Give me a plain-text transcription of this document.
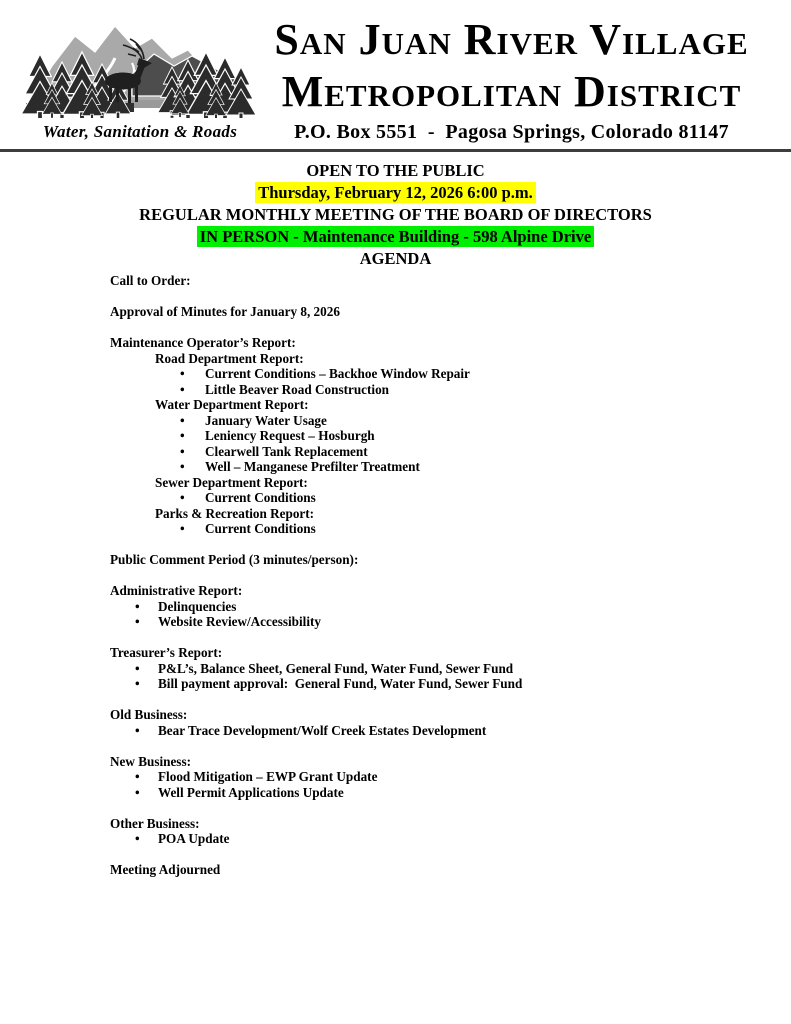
Water, Sanitation & Roads
San Juan River Village
Metropolitan District
P.O. Box 5551  -  Pagosa Springs, Colorado 81147
OPEN TO THE PUBLIC
Thursday, February 12, 2026 6:00 p.m.
REGULAR MONTHLY MEETING OF THE BOARD OF DIRECTORS
IN PERSON - Maintenance Building - 598 Alpine Drive
AGENDA
Call to Order:
Approval of Minutes for January 8, 2026
Maintenance Operator’s Report:
Road Department Report:
• Current Conditions – Backhoe Window Repair
• Little Beaver Road Construction
Water Department Report:
• January Water Usage
• Leniency Request – Hosburgh
• Clearwell Tank Replacement
• Well – Manganese Prefilter Treatment
Sewer Department Report:
• Current Conditions
Parks & Recreation Report:
• Current Conditions
Public Comment Period (3 minutes/person):
Administrative Report:
• Delinquencies
• Website Review/Accessibility
Treasurer’s Report:
• P&L’s, Balance Sheet, General Fund, Water Fund, Sewer Fund
• Bill payment approval:  General Fund, Water Fund, Sewer Fund
Old Business:
• Bear Trace Development/Wolf Creek Estates Development
New Business:
• Flood Mitigation – EWP Grant Update
• Well Permit Applications Update
Other Business:
• POA Update
Meeting Adjourned
